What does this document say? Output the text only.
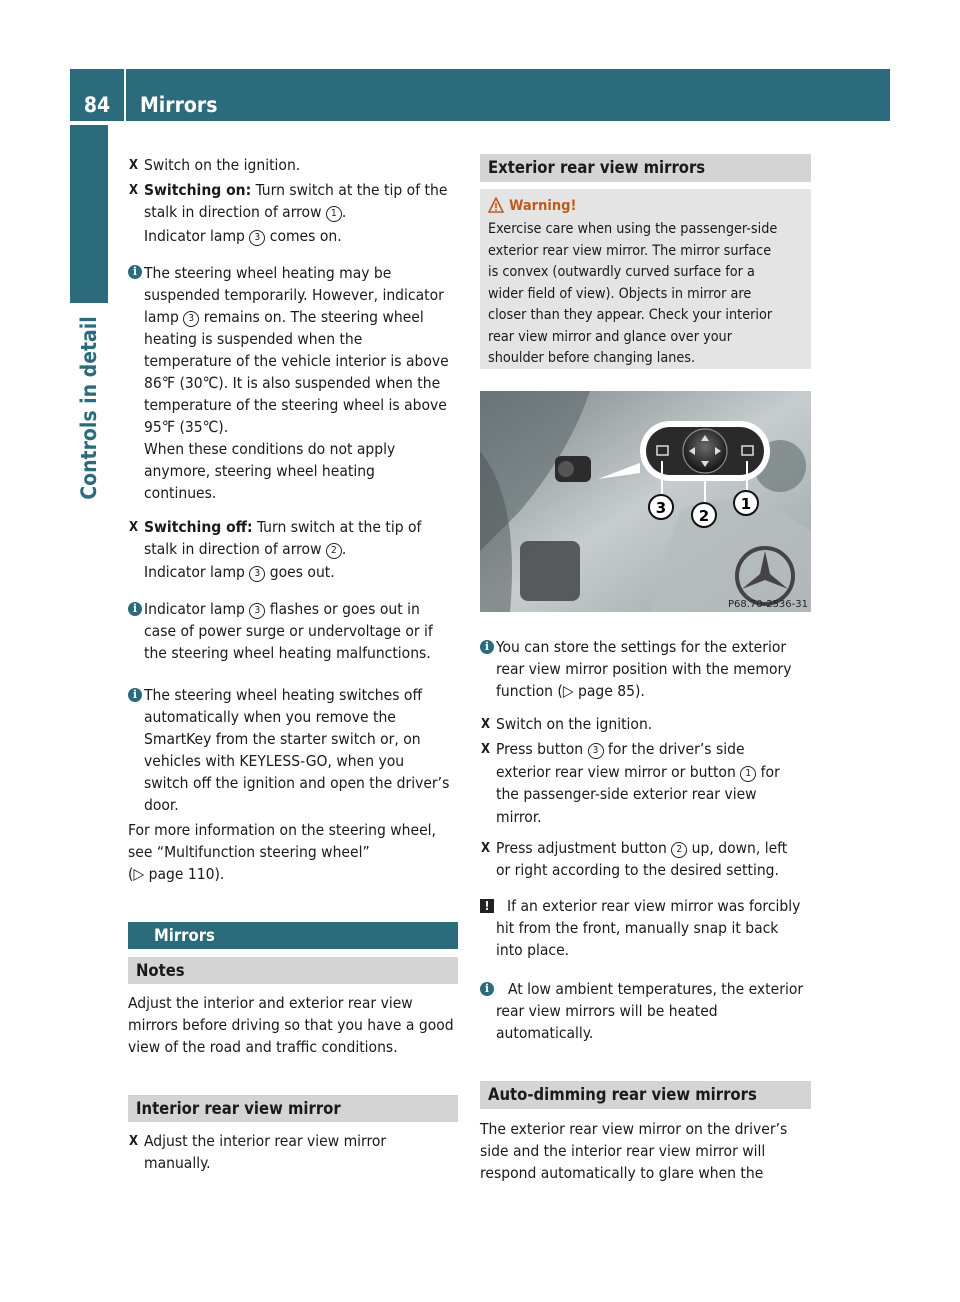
84	Mirrors
Controls in detail
X Switch on the ignition.
X Switching on: Turn switch at the tip of the
stalk in direction of arrow 1 .
Indicator lamp 3 comes on.
i The steering wheel heating may be

suspended temporarily. However, indicator

lamp 3 remains on. The steering wheel

heating is suspended when the

temperature of the vehicle interior is above

86℉ (30℃). It is also suspended when the

temperature of the steering wheel is above

95℉ (35℃).

When these conditions do not apply

anymore, steering wheel heating

continues.

X Switching off: Turn switch at the tip of
stalk in direction of arrow 2 .
Indicator lamp 3 goes out.
i Indicator lamp 3 flashes or goes out in

case of power surge or undervoltage or if

the steering wheel heating malfunctions.

i The steering wheel heating switches off

automatically when you remove the

SmartKey from the starter switch or, on

vehicles with KEYLESS-GO, when you

switch off the ignition and open the driver’s

door.

For more information on the steering wheel,

see “Multifunction steering wheel”

(▷ page 110).

Mirrors
Notes

Adjust the interior and exterior rear view

mirrors before driving so that you have a good

view of the road and traffic conditions.

Interior rear view mirror
X Adjust the interior rear view mirror

manually.

Exterior rear view mirrors
Warning!

Exercise care when using the passenger-side

exterior rear view mirror. The mirror surface

is convex (outwardly curved surface for a

wider field of view). Objects in mirror are

closer than they appear. Check your interior

rear view mirror and glance over your

shoulder before changing lanes.

3 2
1
P68.70-2536-31
i You can store the settings for the exterior

rear view mirror position with the memory

function (▷ page 85).

X Switch on the ignition.
X Press button 3 for the driver’s side

exterior rear view mirror or button 1 for

the passenger-side exterior rear view

mirror.

X Press adjustment button 2 up, down, left

or right according to the desired setting.

! If an exterior rear view mirror was forcibly

hit from the front, manually snap it back

into place.

i	At low ambient temperatures, the exterior

rear view mirrors will be heated

automatically.

Auto-dimming rear view mirrors

The exterior rear view mirror on the driver’s

side and the interior rear view mirror will

respond automatically to glare when the
